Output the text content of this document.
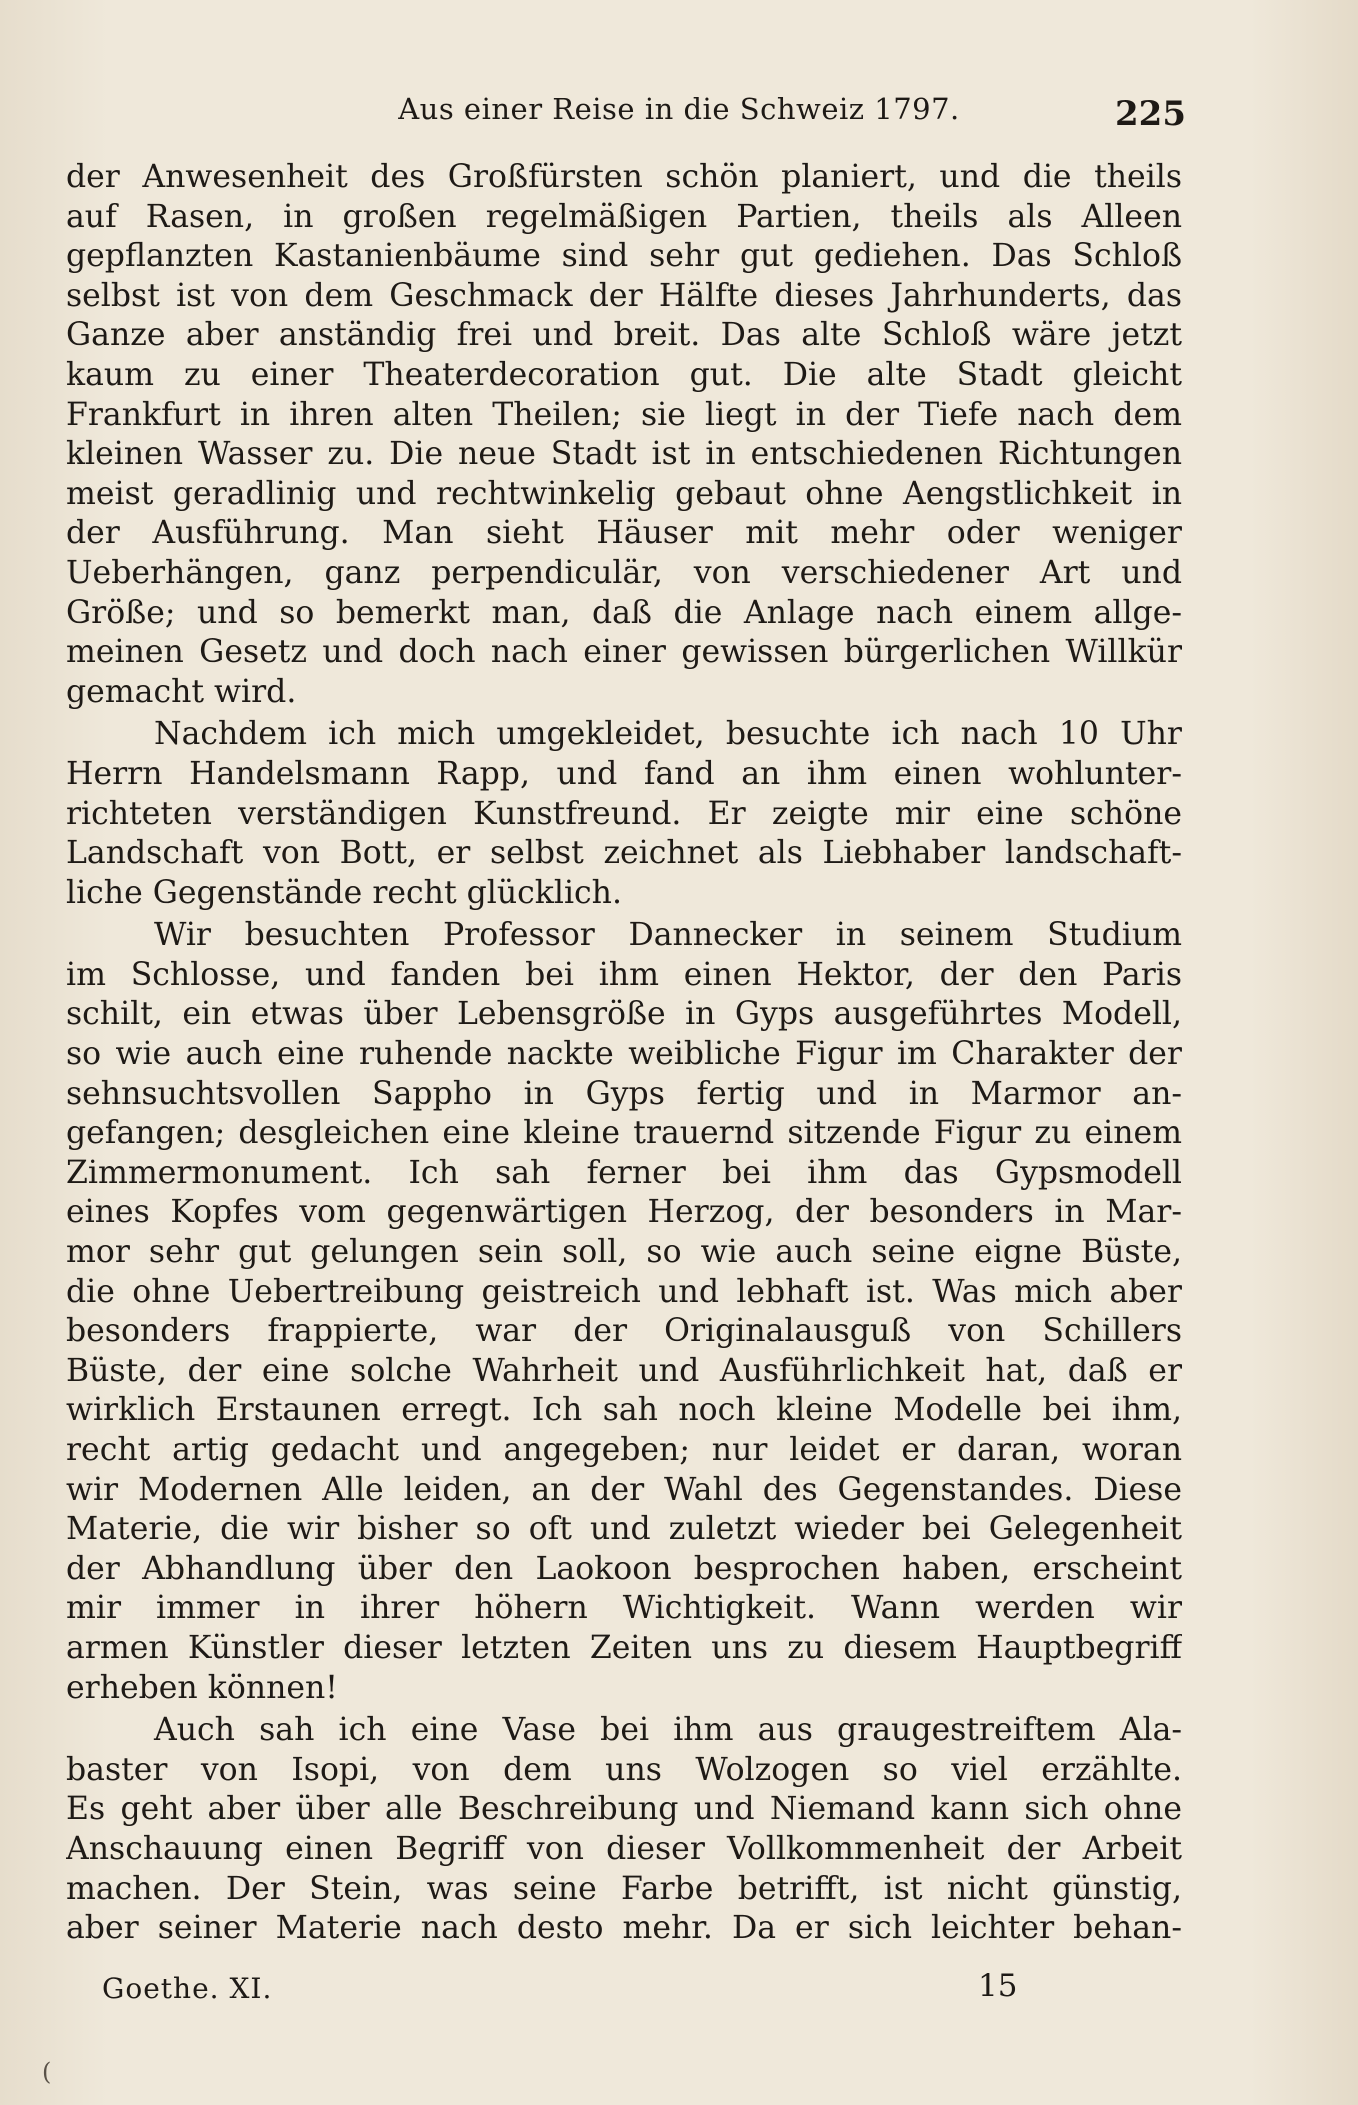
Aus einer Reise in die Schweiz 1797.	225
der Anwesenheit des Großfürsten schön planiert, und die theils
auf Rasen, in großen regelmäßigen Partien, theils als Alleen
gepflanzten Kastanienbäume sind sehr gut gediehen. Das Schloß
selbst ist von dem Geschmack der Hälfte dieses Jahrhunderts, das
Ganze aber anständig frei und breit. Das alte Schloß wäre jetzt
kaum zu einer Theaterdecoration gut. Die alte Stadt gleicht
Frankfurt in ihren alten Theilen; sie liegt in der Tiefe nach dem
kleinen Wasser zu. Die neue Stadt ist in entschiedenen Richtungen
meist geradlinig und rechtwinkelig gebaut ohne Aengstlichkeit in
der Ausführung. Man sieht Häuser mit mehr oder weniger
Ueberhängen, ganz perpendiculär, von verschiedener Art und
Größe; und so bemerkt man, daß die Anlage nach einem allge-
meinen Gesetz und doch nach einer gewissen bürgerlichen Willkür
gemacht wird.
Nachdem ich mich umgekleidet, besuchte ich nach 10 Uhr
Herrn Handelsmann Rapp, und fand an ihm einen wohlunter-
richteten verständigen Kunstfreund. Er zeigte mir eine schöne
Landschaft von Bott, er selbst zeichnet als Liebhaber landschaft-
liche Gegenstände recht glücklich.
Wir besuchten Professor Dannecker in seinem Studium
im Schlosse, und fanden bei ihm einen Hektor, der den Paris
schilt, ein etwas über Lebensgröße in Gyps ausgeführtes Modell,
so wie auch eine ruhende nackte weibliche Figur im Charakter der
sehnsuchtsvollen Sappho in Gyps fertig und in Marmor an-
gefangen; desgleichen eine kleine trauernd sitzende Figur zu einem
Zimmermonument. Ich sah ferner bei ihm das Gypsmodell
eines Kopfes vom gegenwärtigen Herzog, der besonders in Mar-
mor sehr gut gelungen sein soll, so wie auch seine eigne Büste,
die ohne Uebertreibung geistreich und lebhaft ist. Was mich aber
besonders frappierte, war der Originalausguß von Schillers
Büste, der eine solche Wahrheit und Ausführlichkeit hat, daß er
wirklich Erstaunen erregt. Ich sah noch kleine Modelle bei ihm,
recht artig gedacht und angegeben; nur leidet er daran, woran
wir Modernen Alle leiden, an der Wahl des Gegenstandes. Diese
Materie, die wir bisher so oft und zuletzt wieder bei Gelegenheit
der Abhandlung über den Laokoon besprochen haben, erscheint
mir immer in ihrer höhern Wichtigkeit. Wann werden wir
armen Künstler dieser letzten Zeiten uns zu diesem Hauptbegriff
erheben können!
Auch sah ich eine Vase bei ihm aus graugestreiftem Ala-
baster von Isopi, von dem uns Wolzogen so viel erzählte.
Es geht aber über alle Beschreibung und Niemand kann sich ohne
Anschauung einen Begriff von dieser Vollkommenheit der Arbeit
machen. Der Stein, was seine Farbe betrifft, ist nicht günstig,
aber seiner Materie nach desto mehr. Da er sich leichter behan-
Goethe. XI.	15
(
